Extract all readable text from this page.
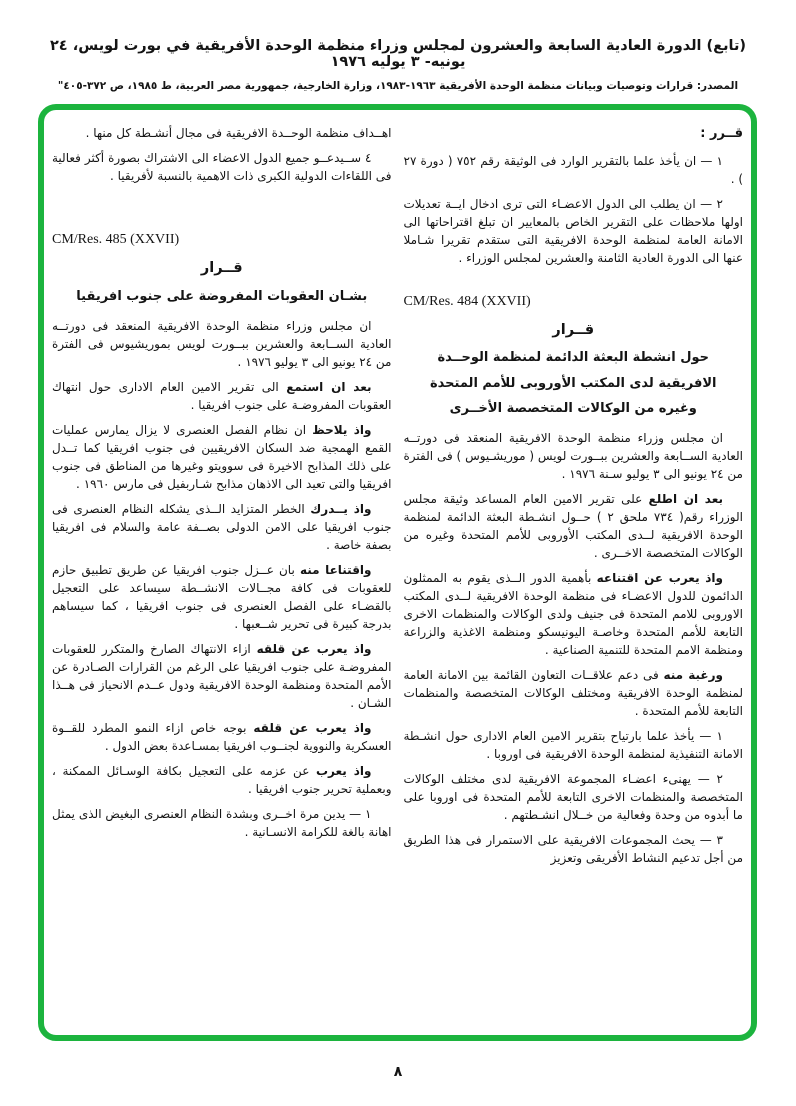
(تابع) الدورة العادية السابعة والعشرون لمجلس وزراء منظمة الوحدة الأفريقية في بورت لويس، ٢٤ يونيه- ٣ يوليه ١٩٧٦
المصدر: قرارات وتوصيات وبيانات منظمة الوحدة الأفريقية ١٩٦٣-١٩٨٣، وزارة الخارجية، جمهورية مصر العربية، ط ١٩٨٥، ص ٣٧٢-٤٠٥"

قــرر :

١ — ان يأخذ علما بالتقرير الوارد فى الوثيقة رقم ٧٥٢ ( دورة ٢٧ ) .

٢ — ان يطلب الى الدول الاعضـاء التى ترى ادخال ايــة تعديلات اولها ملاحظات على التقرير الخاص بالمعايير ان تبلغ اقتراحاتها الى الامانة العامة لمنظمة الوحدة الافريقية التى ستقدم تقريرا شـاملا عنها الى الدورة العادية الثامنة والعشرين لمجلس الوزراء .

CM/Res. 484 (XXVII)

قــرار

حول انشطة البعثة الدائمة لمنظمة الوحــدة
الافريقية لدى المكتب الأوروبى للأمم المتحدة
وغيره من الوكالات المتخصصة الأخــرى

ان مجلس وزراء منظمة الوحدة الافريقية المنعقد فى دورتــه العادية الســابعة والعشرين ببــورت لويس ( موريشـيوس ) فى الفترة من ٢٤ يونيو الى ٣ يوليو سـنة ١٩٧٦ .

بعد ان اطلع على تقرير الامين العام المساعد وثيقة مجلس الوزراء رقم( ٧٣٤ ملحق ٢ ) حــول انشـطة البعثة الدائمة لمنظمة الوحدة الافريقية لــدى المكتب الأوروبى للأمم المتحدة وغيره من الوكالات المتخصصة الاخــرى .

واذ يعرب عن اقتناعه بأهمية الدور الــذى يقوم به الممثلون الدائمون للدول الاعضـاء فى منظمة الوحدة الافريقية لــدى المكتب الاوروبى للامم المتحدة فى جنيف ولدى الوكالات والمنظمات الاخرى التابعة للأمم المتحدة وخاصـة اليونيسكو ومنظمة الاغذية والزراعة ومنظمة الامم المتحدة للتنمية الصناعية .

ورغبة منه فى دعم علاقــات التعاون القائمة بين الامانة العامة لمنظمة الوحدة الافريقية ومختلف الوكالات المتخصصة والمنظمات التابعة للأمم المتحدة .

١ — يأخذ علما بارتياح بتقرير الامين العام الادارى حول انشـطة الامانة التنفيذية لمنظمة الوحدة الافريقية فى اوروبا .

٢ — يهنىء اعضـاء المجموعة الافريقية لدى مختلف الوكالات المتخصصة والمنظمات الاخرى التابعة للأمم المتحدة فى اوروبا على ما أبدوه من وحدة وفعالية من خــلال انشـطتهم .

٣ — يحث المجموعات الافريقية على الاستمرار فى هذا الطريق من أجل تدعيم النشاط الأفريقى وتعزيز

اهــداف منظمة الوحــدة الافريقية فى مجال أنشـطة كل منها .

٤ ســيدعــو جميع الدول الاعضاء الى الاشتراك بصورة أكثر فعالية فى اللقاءات الدولية الكبرى ذات الاهمية بالنسبة لأفريقيا .

CM/Res. 485 (XXVII)

قــرار

بشـان العقوبات المفروضة على جنوب افريقيا

ان مجلس وزراء منظمة الوحدة الافريقية المنعقد فى دورتــه العادية الســابعة والعشرين ببــورت لويس بموريشيوس فى الفترة من ٢٤ يونيو الى ٣ يوليو ١٩٧٦ .

بعد ان استمع الى تقرير الامين العام الادارى حول انتهاك العقوبات المفروضـة على جنوب افريقيا .

واذ يلاحظ ان نظام الفصل العنصرى لا يزال يمارس عمليات القمع الهمجية ضد السكان الافريقيين فى جنوب افريقيا كما تــدل على ذلك المذابح الاخيرة فى سوويتو وغيرها من المناطق فى جنوب افريقيا والتى تعيد الى الاذهان مذابح شـاربفيل فى مارس ١٩٦٠ .

واذ يــدرك الخطر المتزايد الــذى يشكله النظام العنصرى فى جنوب افريقيا على الامن الدولى بصــفة عامة والسلام فى افريقيا بصفة خاصة .

واقتناعا منه بان عــزل جنوب افريقيا عن طريق تطبيق حازم للعقوبات فى كافة مجــالات الانشــطة سيساعد على التعجيل بالقضـاء على الفصل العنصرى فى جنوب افريقيا ، كما سيساهم بدرجة كبيرة فى تحرير شــعبها .

واذ يعرب عن قلقه ازاء الانتهاك الصارخ والمتكرر للعقوبات المفروضـة على جنوب افريقيا على الرغم من القرارات الصـادرة عن الأمم المتحدة ومنظمة الوحدة الافريقية ودول عــدم الانحياز فى هــذا الشـان .

واذ يعرب عن قلقه بوجه خاص ازاء النمو المطرد للقــوة العسكرية والنووية لجنــوب افريقيا بمسـاعدة بعض الدول .

واذ يعرب عن عزمه على التعجيل بكافة الوسـائل الممكنة ، وبعملية تحرير جنوب افريقيا .

١ — يدين مرة اخــرى وبشدة النظام العنصرى البغيض الذى يمثل اهانة بالغة للكرامة الانسـانية .

٨
